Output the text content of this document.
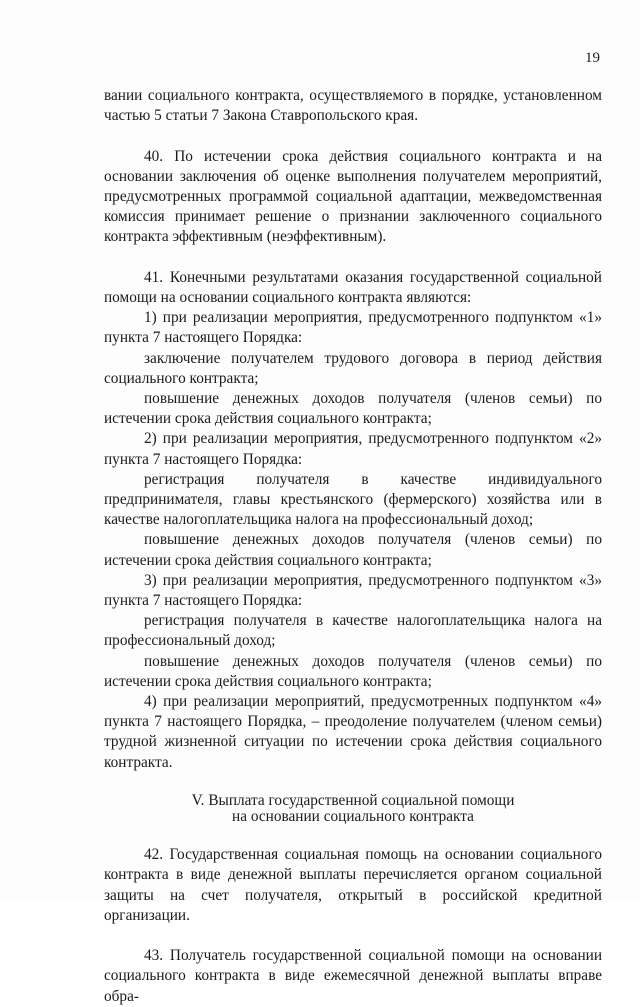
19

вании социального контракта, осуществляемого в порядке, установленном частью 5 статьи 7 Закона Ставропольского края.

40. По истечении срока действия социального контракта и на основании заключения об оценке выполнения получателем мероприятий, предусмотренных программой социальной адаптации, межведомственная комиссия принимает решение о признании заключенного социального контракта эффективным (неэффективным).

41. Конечными результатами оказания государственной социальной помощи на основании социального контракта являются:

1) при реализации мероприятия, предусмотренного подпунктом «1» пункта 7 настоящего Порядка:

заключение получателем трудового договора в период действия социального контракта;

повышение денежных доходов получателя (членов семьи) по истечении срока действия социального контракта;

2) при реализации мероприятия, предусмотренного подпунктом «2» пункта 7 настоящего Порядка:

регистрация получателя в качестве индивидуального предпринимателя, главы крестьянского (фермерского) хозяйства или в качестве налогоплательщика налога на профессиональный доход;

повышение денежных доходов получателя (членов семьи) по истечении срока действия социального контракта;

3) при реализации мероприятия, предусмотренного подпунктом «3» пункта 7 настоящего Порядка:

регистрация получателя в качестве налогоплательщика налога на профессиональный доход;

повышение денежных доходов получателя (членов семьи) по истечении срока действия социального контракта;

4) при реализации мероприятий, предусмотренных подпунктом «4» пункта 7 настоящего Порядка, – преодоление получателем (членом семьи) трудной жизненной ситуации по истечении срока действия социального контракта.

V. Выплата государственной социальной помощи
на основании социального контракта

42. Государственная социальная помощь на основании социального контракта в виде денежной выплаты перечисляется органом социальной защиты на счет получателя, открытый в российской кредитной организации.

43. Получатель государственной социальной помощи на основании социального контракта в виде ежемесячной денежной выплаты вправе обра-
